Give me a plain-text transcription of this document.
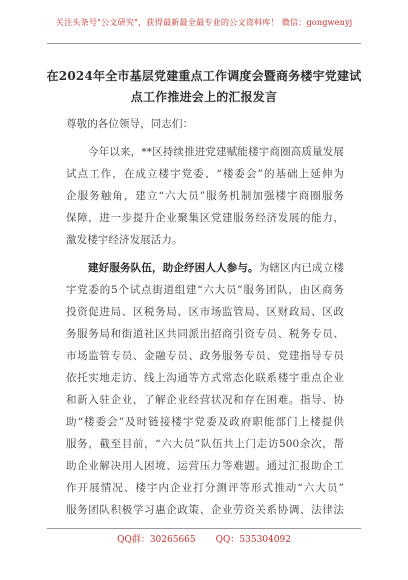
关注头条号"公文研究"，获得最新最全最专业的公文资料库！ 微信：gongwenyj
在2024年全市基层党建重点工作调度会暨商务楼宇党建试
点工作推进会上的汇报发言
尊敬的各位领导，同志们：
今年以来，**区持续推进党建赋能楼宇商圈高质量发展
试点工作，在成立楼宇党委、“楼委会”的基础上延伸为
企服务触角，建立“六大员”服务机制加强楼宇商圈服务
保障，进一步提升企业聚集区党建服务经济发展的能力，
激发楼宇经济发展活力。
建好服务队伍，助企纾困人人参与。为辖区内已成立楼
宇党委的5个试点街道组建“六大员”服务团队，由区商务
投资促进局、区税务局、区市场监管局、区财政局、区政
务服务局和街道社区共同派出招商引资专员、税务专员、
市场监管专员、金融专员、政务服务专员、党建指导专员
依托实地走访、线上沟通等方式常态化联系楼宇重点企业
和新入驻企业，了解企业经营状况和存在困难。指导、协
助“楼委会”及时链接楼宇党委及政府职能部门上楼提供
服务，截至目前，“六大员”队伍共上门走访500余次，帮
助企业解决用人困境、运营压力等难题。通过汇报助企工
作开展情况、楼宇内企业打分测评等形式推动“六大员”
服务团队积极学习惠企政策、企业劳资关系协调、法律法
QQ群：30265665 QQ：535304092
